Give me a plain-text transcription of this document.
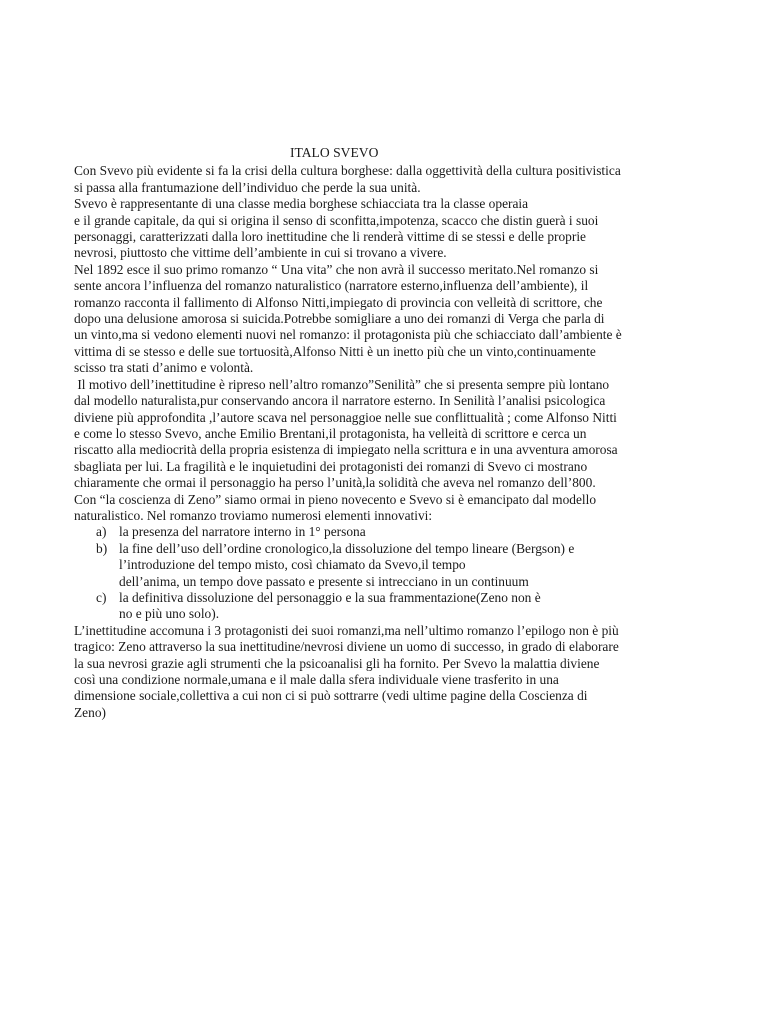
ITALO SVEVO
Con Svevo più evidente si fa la crisi della cultura borghese: dalla oggettività della cultura positivistica
si passa alla frantumazione dell’individuo che perde la sua unità.
Svevo è rappresentante di una classe media borghese schiacciata tra la classe operaia
e il grande capitale, da qui si origina il senso di sconfitta,impotenza, scacco che distin guerà i suoi
personaggi, caratterizzati dalla loro inettitudine che li renderà vittime di se stessi e delle proprie
nevrosi, piuttosto che vittime dell’ambiente in cui si trovano a vivere.
Nel 1892 esce il suo primo romanzo “ Una vita” che non avrà il successo meritato.Nel romanzo si
sente ancora l’influenza del romanzo naturalistico (narratore esterno,influenza dell’ambiente), il
romanzo racconta il fallimento di Alfonso Nitti,impiegato di provincia con velleità di scrittore, che
dopo una delusione amorosa si suicida.Potrebbe somigliare a uno dei romanzi di Verga che parla di
un vinto,ma si vedono elementi nuovi nel romanzo: il protagonista più che schiacciato dall’ambiente è
vittima di se stesso e delle sue tortuosità,Alfonso Nitti è un inetto più che un vinto,continuamente
scisso tra stati d’animo e volontà.
Il motivo dell’inettitudine è ripreso nell’altro romanzo”Senilità” che si presenta sempre più lontano
dal modello naturalista,pur conservando ancora il narratore esterno. In Senilità l’analisi psicologica
diviene più approfondita ,l’autore scava nel personaggioe nelle sue conflittualità ; come Alfonso Nitti
e come lo stesso Svevo, anche Emilio Brentani,il protagonista, ha velleità di scrittore e cerca un
riscatto alla mediocrità della propria esistenza di impiegato nella scrittura e in una avventura amorosa
sbagliata per lui. La fragilità e le inquietudini dei protagonisti dei romanzi di Svevo ci mostrano
chiaramente che ormai il personaggio ha perso l’unità,la solidità che aveva nel romanzo dell’800.
Con “la coscienza di Zeno” siamo ormai in pieno novecento e Svevo si è emancipato dal modello
naturalistico. Nel romanzo troviamo numerosi elementi innovativi:
a) la presenza del narratore interno in 1° persona
b) la fine dell’uso dell’ordine cronologico,la dissoluzione del tempo lineare (Bergson) e
l’introduzione del tempo misto, così chiamato da Svevo,il tempo
dell’anima, un tempo dove passato e presente si intrecciano in un continuum
c) la definitiva dissoluzione del personaggio e la sua frammentazione(Zeno non è
no e più uno solo).
L’inettitudine accomuna i 3 protagonisti dei suoi romanzi,ma nell’ultimo romanzo l’epilogo non è più
tragico: Zeno attraverso la sua inettitudine/nevrosi diviene un uomo di successo, in grado di elaborare
la sua nevrosi grazie agli strumenti che la psicoanalisi gli ha fornito. Per Svevo la malattia diviene
così una condizione normale,umana e il male dalla sfera individuale viene trasferito in una
dimensione sociale,collettiva a cui non ci si può sottrarre (vedi ultime pagine della Coscienza di
Zeno)
